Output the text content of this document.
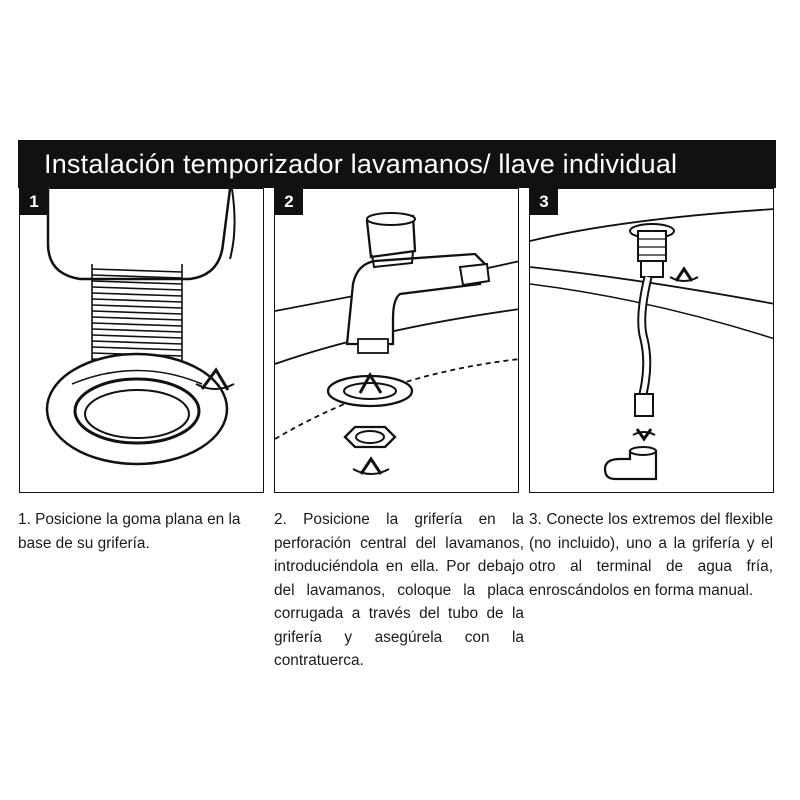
Instalación temporizador lavamanos/ llave individual
1	2	3
1. Posicione la goma plana en la base de su grifería.
2. Posicione la grifería en la perforación central del lavamanos, introduciéndola en ella. Por debajo del lavamanos, coloque la placa corrugada a través del tubo de la grifería y asegúrela con la contratuerca.
3. Conecte los extremos del flexible (no incluido), uno a la grifería y el otro al terminal de agua fría, enroscándolos en forma manual.
